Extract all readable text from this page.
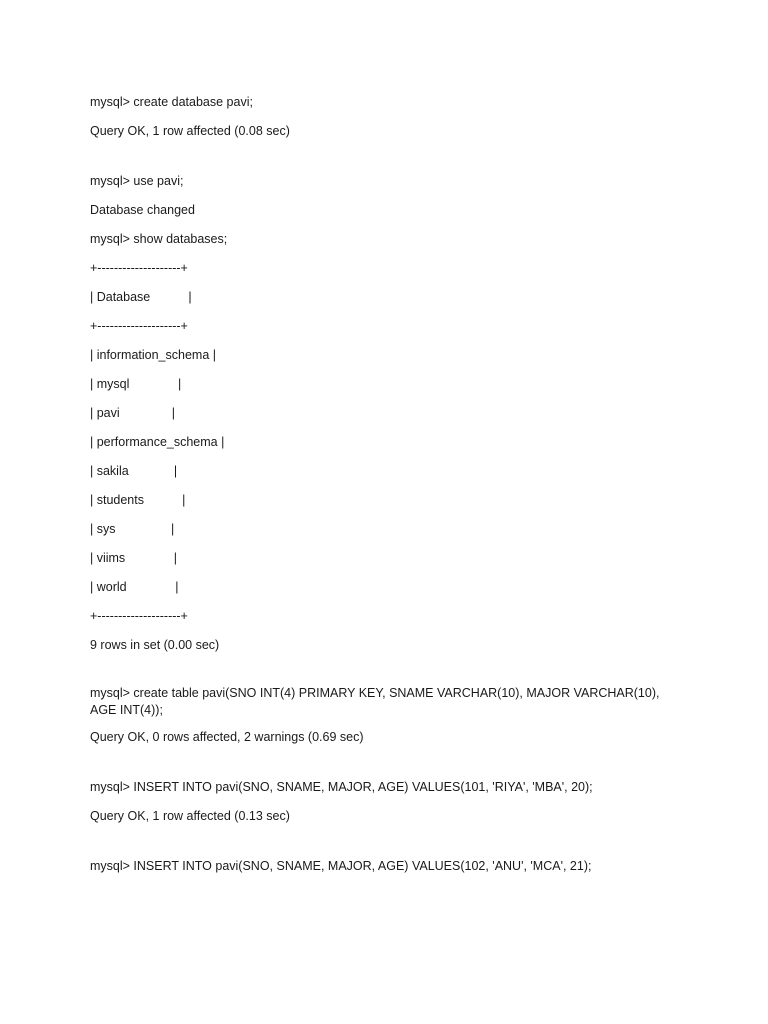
mysql> create database pavi;
Query OK, 1 row affected (0.08 sec)
mysql> use pavi;
Database changed
mysql> show databases;
+--------------------+
| Database           |
+--------------------+
| information_schema |
| mysql              |
| pavi               |
| performance_schema |
| sakila             |
| students           |
| sys                |
| viims              |
| world              |
+--------------------+
9 rows in set (0.00 sec)
mysql> create table pavi(SNO INT(4) PRIMARY KEY, SNAME VARCHAR(10), MAJOR VARCHAR(10), AGE INT(4));
Query OK, 0 rows affected, 2 warnings (0.69 sec)
mysql> INSERT INTO pavi(SNO, SNAME, MAJOR, AGE) VALUES(101, 'RIYA', 'MBA', 20);
Query OK, 1 row affected (0.13 sec)
mysql> INSERT INTO pavi(SNO, SNAME, MAJOR, AGE) VALUES(102, 'ANU', 'MCA', 21);
